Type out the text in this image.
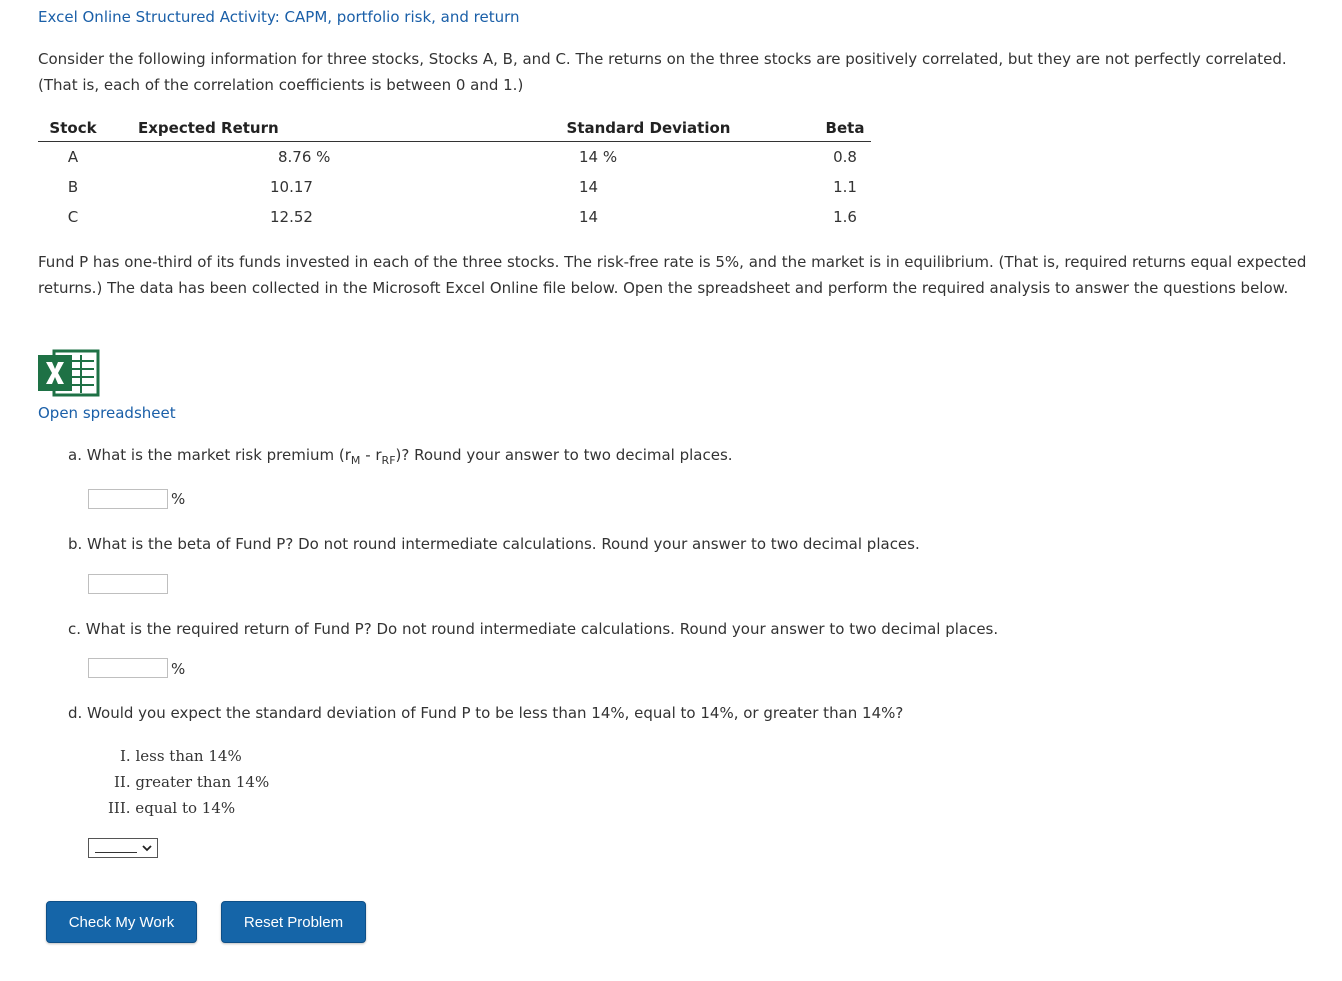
Excel Online Structured Activity: CAPM, portfolio risk, and return
Consider the following information for three stocks, Stocks A, B, and C. The returns on the three stocks are positively correlated, but they are not perfectly correlated. (That is, each of the correlation coefficients is between 0 and 1.)
Stock	Expected Return	Standard Deviation	Beta
A	8.76 %	14 %	0.8
B	10.17	14	1.1
C	12.52	14	1.6
Fund P has one-third of its funds invested in each of the three stocks. The risk-free rate is 5%, and the market is in equilibrium. (That is, required returns equal expected returns.) The data has been collected in the Microsoft Excel Online file below. Open the spreadsheet and perform the required analysis to answer the questions below.
Open spreadsheet
a. What is the market risk premium $(r_M - r_{RF})$? Round your answer to two decimal places.
%
b. What is the beta of Fund P? Do not round intermediate calculations. Round your answer to two decimal places.
c. What is the required return of Fund P? Do not round intermediate calculations. Round your answer to two decimal places.
%
d. Would you expect the standard deviation of Fund P to be less than 14%, equal to 14%, or greater than 14%?
I. less than 14%
II. greater than 14%
III. equal to 14%
Check My Work	Reset Problem
